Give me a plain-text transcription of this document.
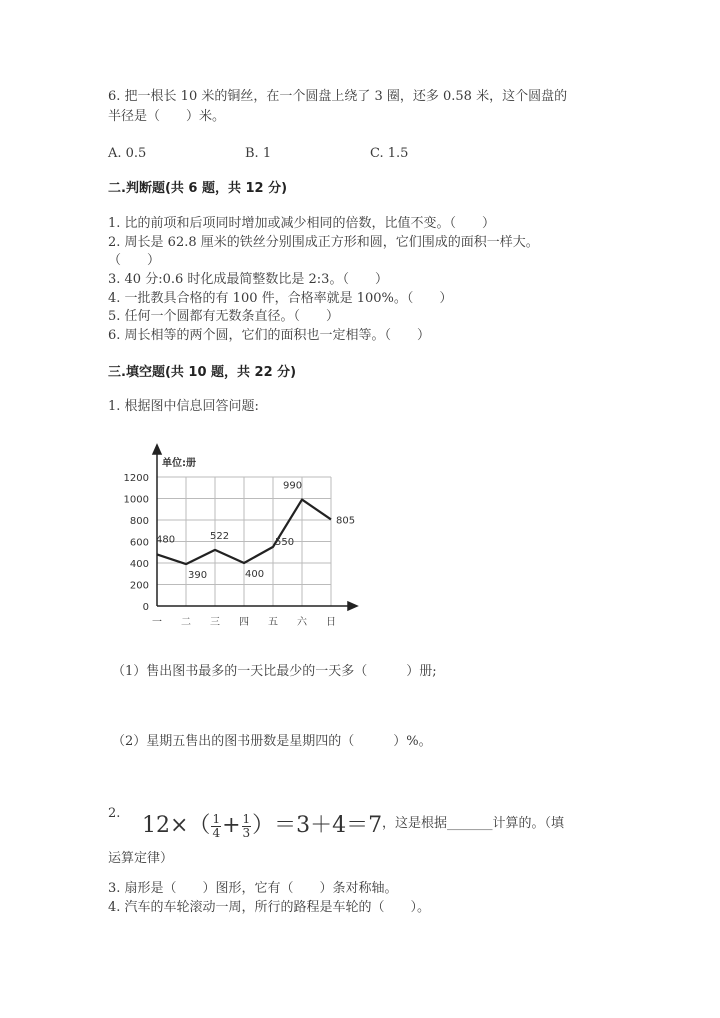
6. 把一根长 10 米的铜丝，在一个圆盘上绕了 3 圈，还多 0.58 米，这个圆盘的
半径是（　　）米。
A. 0.5	B. 1	C. 1.5
二.判断题(共 6 题，共 12 分)
1. 比的前项和后项同时增加或减少相同的倍数，比值不变。（　　）
2. 周长是 62.8 厘米的铁丝分别围成正方形和圆，它们围成的面积一样大。
（　　）
3. 40 分:0.6 时化成最简整数比是 2:3。（　　）
4. 一批教具合格的有 100 件，合格率就是 100%。（　　）
5. 任何一个圆都有无数条直径。（　　）
6. 周长相等的两个圆，它们的面积也一定相等。（　　）
三.填空题(共 10 题，共 22 分)
1. 根据图中信息回答问题:
单位:册
0
200
400
600
800
1000
1200
一 二 三 四 五 六 日
480
390
522
400
550
990
805
（1）售出图书最多的一天比最少的一天多（　　　）册;
（2）星期五售出的图书册数是星期四的（　　　）%。
2. $12\times( \frac{1}{4} + \frac{1}{3} )=3+4=7$ ，这是根据_______计算的。（填
运算定律）
3. 扇形是（　　）图形，它有（　　）条对称轴。
4. 汽车的车轮滚动一周，所行的路程是车轮的（　　）。
